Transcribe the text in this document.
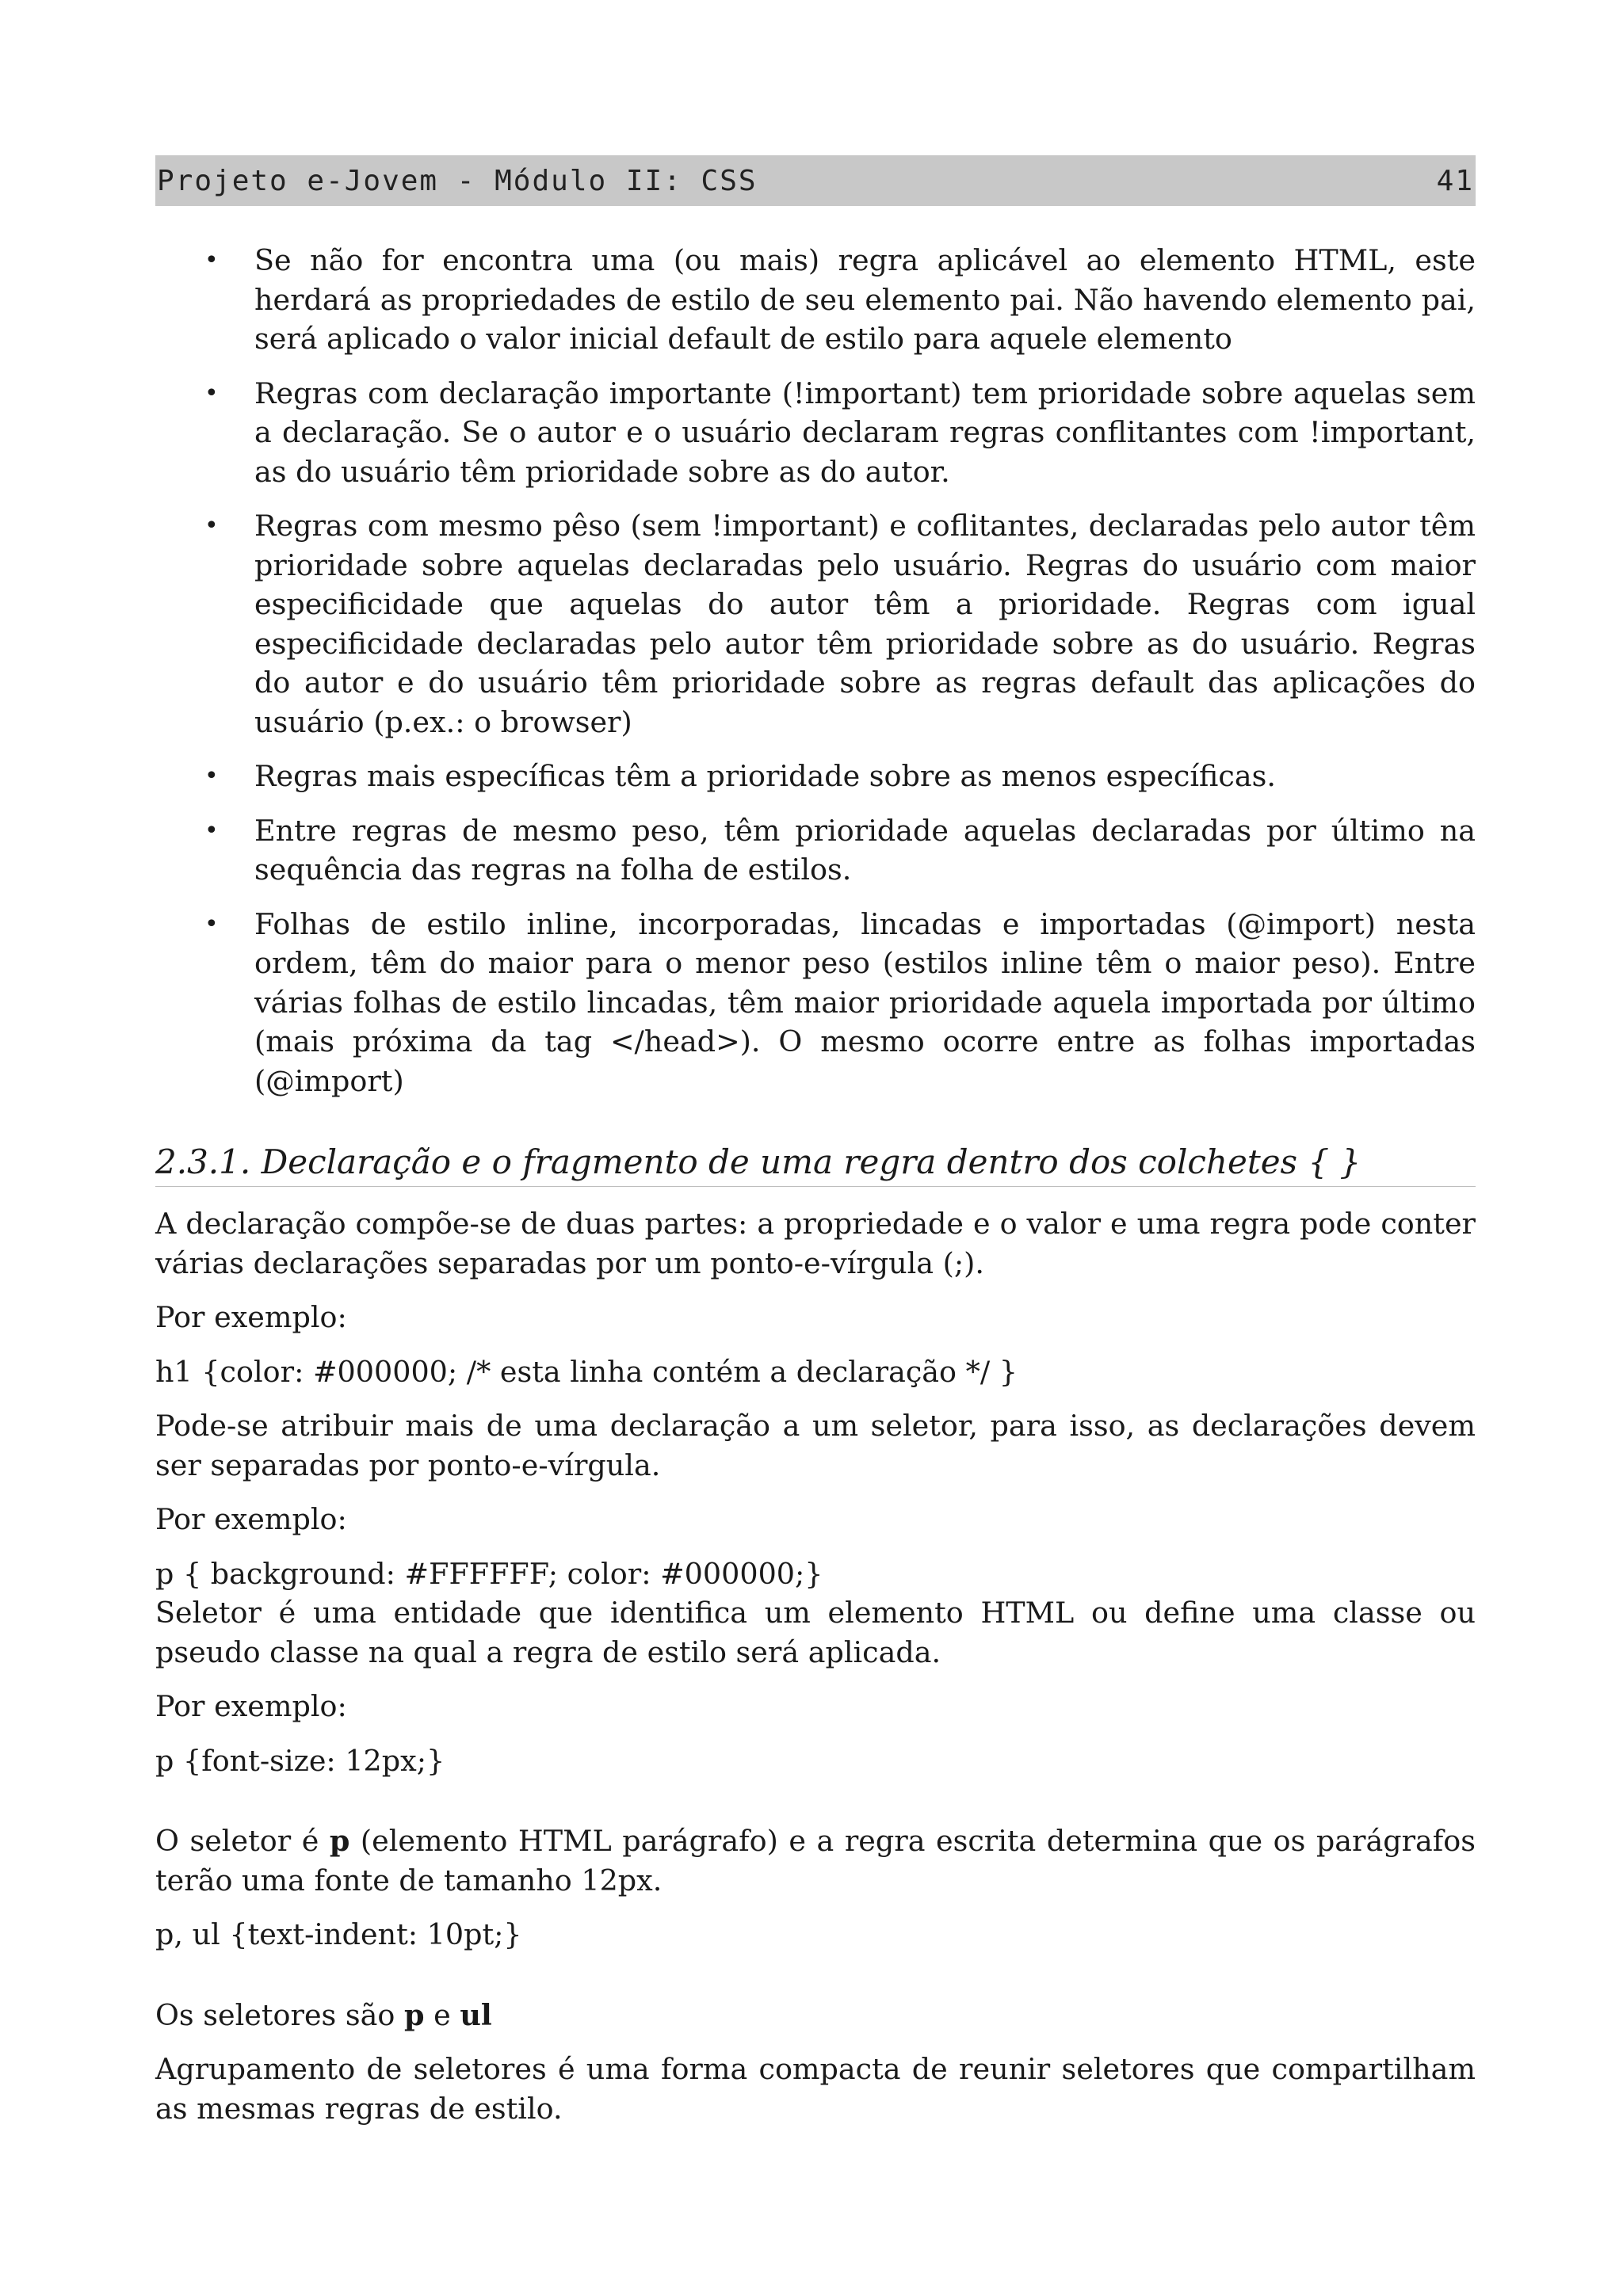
Projeto e-Jovem - Módulo II: CSS	41
• Se não for encontra uma (ou mais) regra aplicável ao elemento HTML, este herdará as propriedades de estilo de seu elemento pai. Não havendo elemento pai, será aplicado o valor inicial default de estilo para aquele elemento
• Regras com declaração importante (!important) tem prioridade sobre aquelas sem a declaração. Se o autor e o usuário declaram regras conflitantes com !important, as do usuário têm prioridade sobre as do autor.
• Regras com mesmo pêso (sem !important) e coflitantes, declaradas pelo autor têm prioridade sobre aquelas declaradas pelo usuário. Regras do usuário com maior especificidade que aquelas do autor têm a prioridade. Regras com igual especificidade declaradas pelo autor têm prioridade sobre as do usuário. Regras do autor e do usuário têm prioridade sobre as regras default das aplicações do usuário (p.ex.: o browser)
• Regras mais específicas têm a prioridade sobre as menos específicas.
• Entre regras de mesmo peso, têm prioridade aquelas declaradas por último na sequência das regras na folha de estilos.
• Folhas de estilo inline, incorporadas, lincadas e importadas (@import) nesta ordem, têm do maior para o menor peso (estilos inline têm o maior peso). Entre várias folhas de estilo lincadas, têm maior prioridade aquela importada por último (mais próxima da tag </head>). O mesmo ocorre entre as folhas importadas (@import)
2.3.1. Declaração e o fragmento de uma regra dentro dos colchetes { }

A declaração compõe-se de duas partes: a propriedade e o valor e uma regra pode conter várias declarações separadas por um ponto-e-vírgula (;).

Por exemplo:

h1 {color: #000000; /* esta linha contém a declaração */ }

Pode-se atribuir mais de uma declaração a um seletor, para isso, as declarações devem ser separadas por ponto-e-vírgula.

Por exemplo:

p { background: #FFFFFF; color: #000000;}

Seletor é uma entidade que identifica um elemento HTML ou define uma classe ou pseudo classe na qual a regra de estilo será aplicada.

Por exemplo:

p {font-size: 12px;}

O seletor é p (elemento HTML parágrafo) e a regra escrita determina que os parágrafos terão uma fonte de tamanho 12px.

p, ul {text-indent: 10pt;}

Os seletores são p e ul

Agrupamento de seletores é uma forma compacta de reunir seletores que compartilham as mesmas regras de estilo.
